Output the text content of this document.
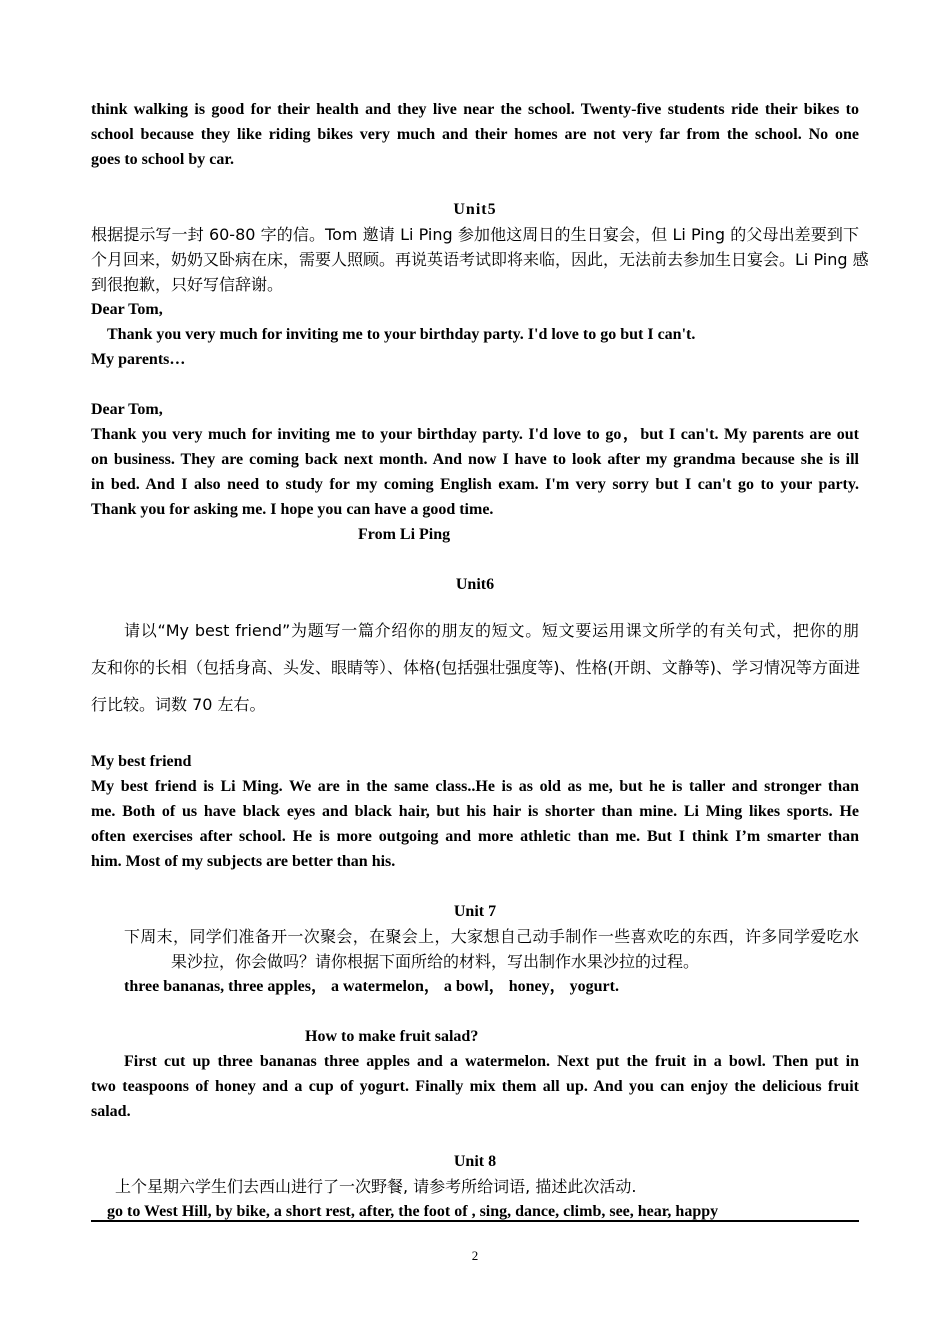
think walking is good for their health and they live near the school. Twenty-five students ride their bikes to
school because they like riding bikes very much and their homes are not very far from the school. No one
goes to school by car.
Unit5
根据提示写一封 60-80 字的信。Tom 邀请 Li Ping 参加他这周日的生日宴会，但 Li Ping 的父母出差要到下
个月回来，奶奶又卧病在床，需要人照顾。再说英语考试即将来临，因此，无法前去参加生日宴会。Li Ping 感
到很抱歉，只好写信辞谢。
Dear Tom,
Thank you very much for inviting me to your birthday party. I'd love to go but I can't.
My parents…
Dear Tom,
Thank you very much for inviting me to your birthday party. I'd love to go，but I can't. My parents are out
on business. They are coming back next month. And now I have to look after my grandma because she is ill
in bed. And I also need to study for my coming English exam. I'm very sorry but I can't go to your party.
Thank you for asking me. I hope you can have a good time.
From Li Ping
Unit6
请以“My best friend”为题写一篇介绍你的朋友的短文。短文要运用课文所学的有关句式，把你的朋
友和你的长相（包括身高、头发、眼睛等）、体格(包括强壮强度等)、性格(开朗、文静等)、学习情况等方面进
行比较。词数 70 左右。
My best friend
My best friend is Li Ming. We are in the same class..He is as old as me, but he is taller and stronger than
me. Both of us have black eyes and black hair, but his hair is shorter than mine. Li Ming likes sports. He
often exercises after school. He is more outgoing and more athletic than me. But I think I’m smarter than
him. Most of my subjects are better than his.
Unit 7
下周末，同学们准备开一次聚会，在聚会上，大家想自己动手制作一些喜欢吃的东西，许多同学爱吃水
果沙拉，你会做吗？请你根据下面所给的材料，写出制作水果沙拉的过程。
three bananas, three apples， a watermelon， a bowl， honey， yogurt.
How to make fruit salad?
First cut up three bananas three apples and a watermelon. Next put the fruit in a bowl. Then put in
two teaspoons of honey and a cup of yogurt. Finally mix them all up. And you can enjoy the delicious fruit
salad.
Unit 8
上个星期六学生们去西山进行了一次野餐, 请参考所给词语, 描述此次活动.
go to West Hill, by bike, a short rest, after, the foot of , sing, dance, climb, see, hear, happy
2
